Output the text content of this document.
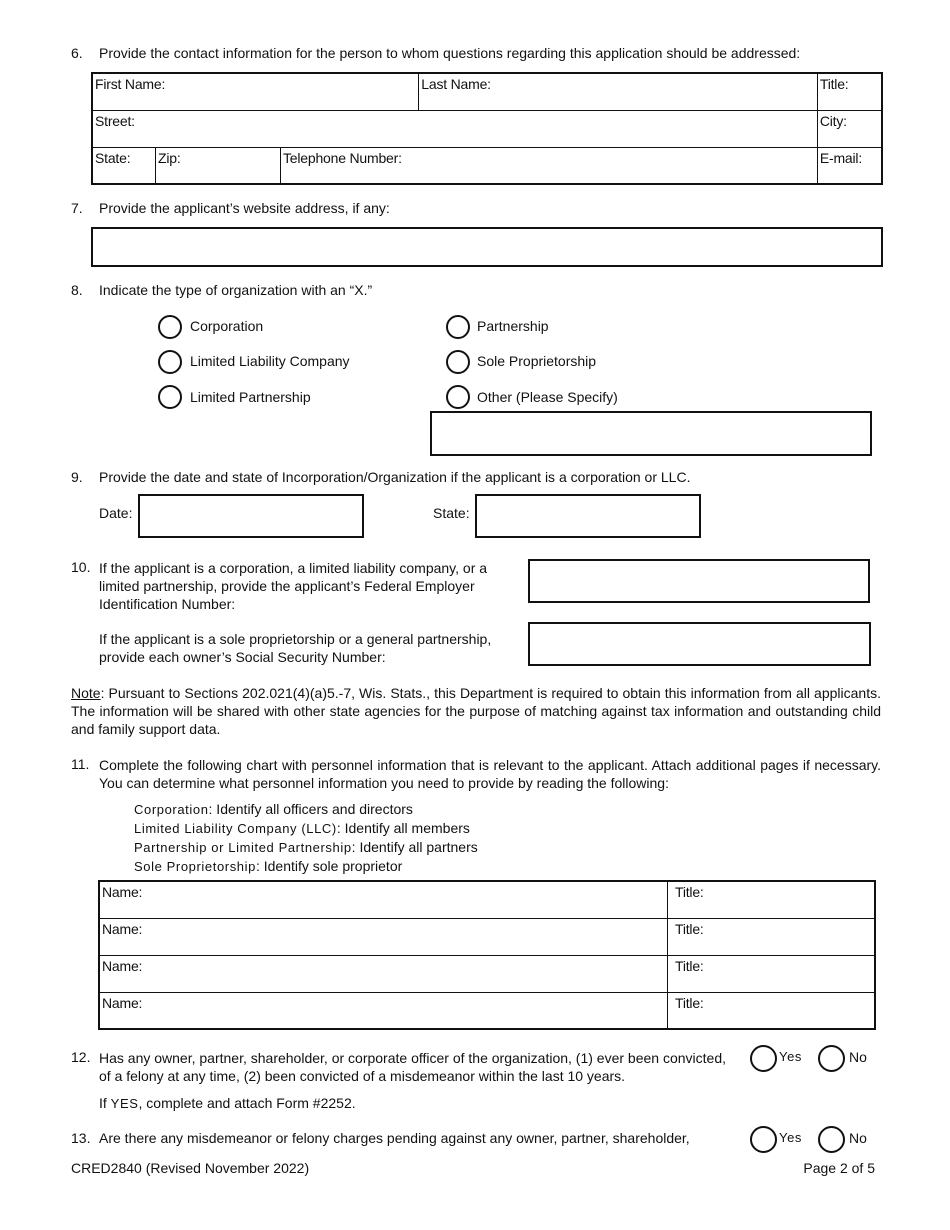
6. Provide the contact information for the person to whom questions regarding this application should be addressed:
First Name:			Last Name:	Title:
Street:				City:
State:	Zip:	Telephone Number:		E-mail:
7. Provide the applicant’s website address, if any:
8. Indicate the type of organization with an “X.”
Corporation	Partnership
Limited Liability Company	Sole Proprietorship
Limited Partnership	Other (Please Specify)
9. Provide the date and state of Incorporation/Organization if the applicant is a corporation or LLC.
Date:	State:
10. If the applicant is a corporation, a limited liability company, or a
limited partnership, provide the applicant’s Federal Employer
Identification Number:
If the applicant is a sole proprietorship or a general partnership,
provide each owner’s Social Security Number:
Note: Pursuant to Sections 202.021(4)(a)5.-7, Wis. Stats., this Department is required to obtain this information from all applicants. The information will be shared with other state agencies for the purpose of matching against tax information and outstanding child and family support data.
11. Complete the following chart with personnel information that is relevant to the applicant. Attach additional pages if necessary. You can determine what personnel information you need to provide by reading the following:
Corporation: Identify all officers and directors
Limited Liability Company (LLC): Identify all members
Partnership or Limited Partnership: Identify all partners
Sole Proprietorship: Identify sole proprietor
Name:	Title:
Name:	Title:
Name:	Title:
Name:	Title:
12. Has any owner, partner, shareholder, or corporate officer of the organization, (1) ever been convicted,
of a felony at any time, (2) been convicted of a misdemeanor within the last 10 years.
If YES, complete and attach Form #2252.
Yes	No
13. Are there any misdemeanor or felony charges pending against any owner, partner, shareholder,	Yes	No
CRED2840 (Revised November 2022)	Page 2 of 5
